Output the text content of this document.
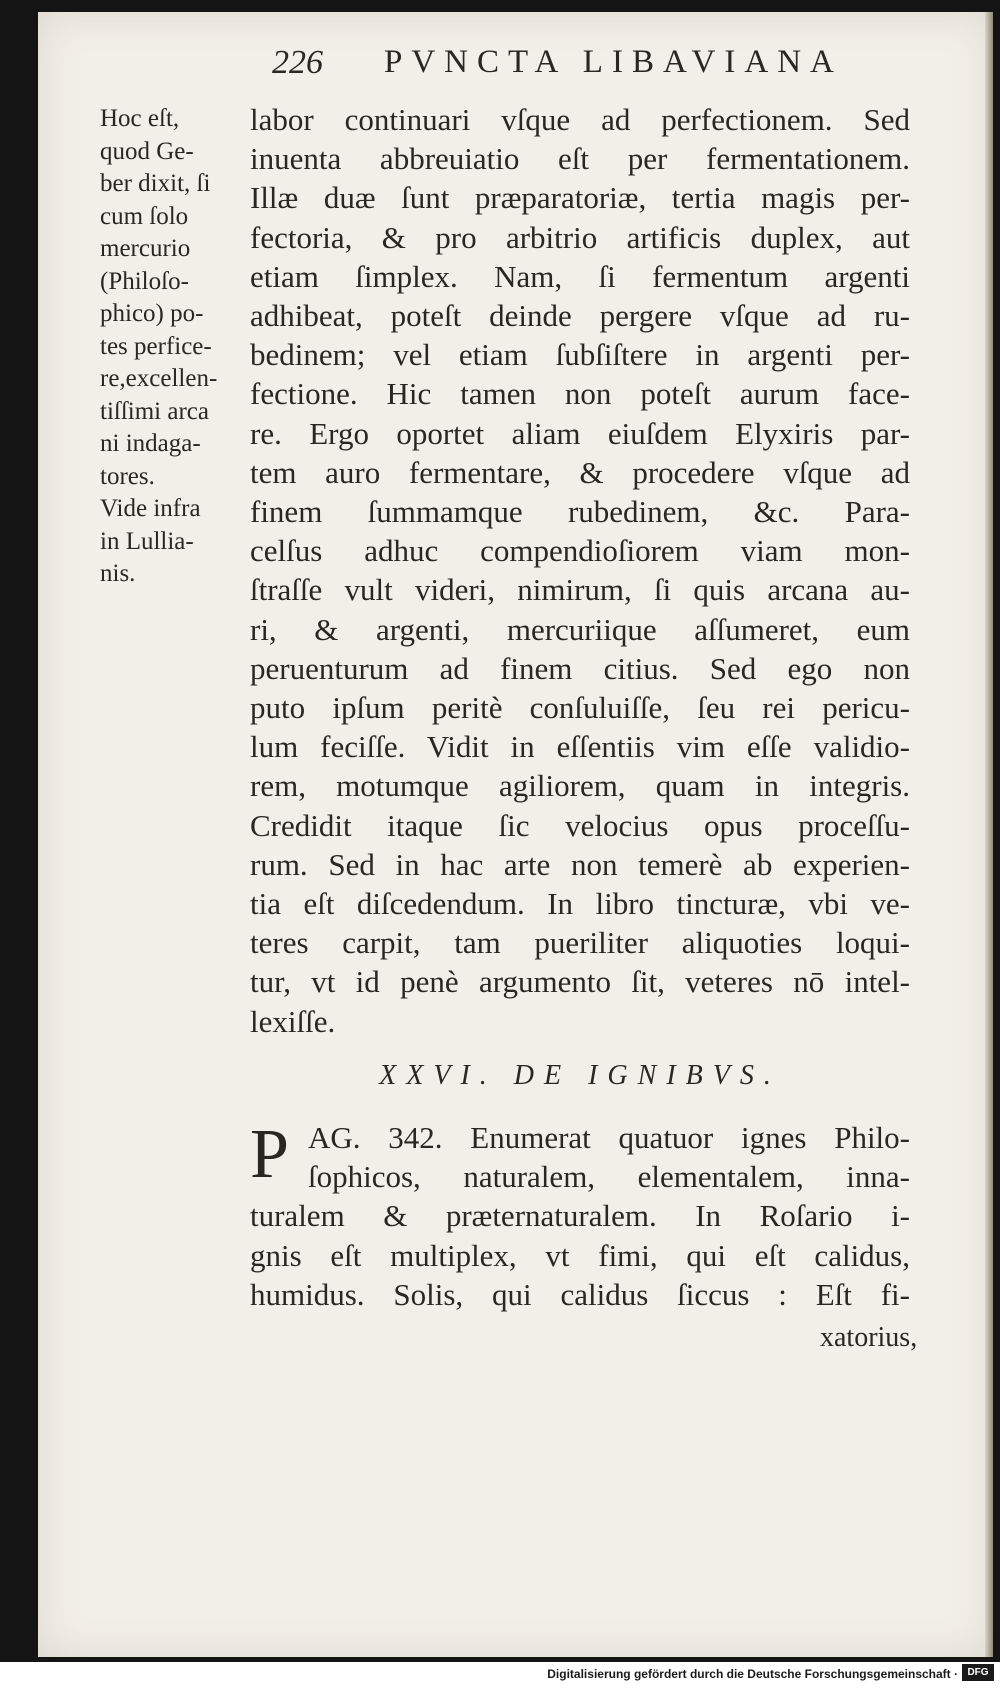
226 PVNCTA LIBAVIANA
Hoc eſt,
quod Ge-
ber dixit, ſi
cum ſolo
mercurio
(Philoſo-
phico) po-
tes perfice-
re,excellen-
tiſſimi arca
ni indaga-
tores.
Vide infra
in Lullia-
nis.
labor continuari vſque ad perfectionem. Sed
inuenta abbreuiatio eſt per fermentationem.
Illæ duæ ſunt præparatoriæ, tertia magis per-
fectoria, & pro arbitrio artificis duplex, aut
etiam ſimplex. Nam, ſi fermentum argenti
adhibeat, poteſt deinde pergere vſque ad ru-
bedinem; vel etiam ſubſiſtere in argenti per-
fectione. Hic tamen non poteſt aurum face-
re. Ergo oportet aliam eiuſdem Elyxiris par-
tem auro fermentare, & procedere vſque ad
finem ſummamque rubedinem, &c. Para-
celſus adhuc compendioſiorem viam mon-
ſtraſſe vult videri, nimirum, ſi quis arcana au-
ri, & argenti, mercuriique aſſumeret, eum
peruenturum ad finem citius. Sed ego non
puto ipſum peritè conſuluiſſe, ſeu rei pericu-
lum feciſſe. Vidit in eſſentiis vim eſſe validio-
rem, motumque agiliorem, quam in integris.
Credidit itaque ſic velocius opus proceſſu-
rum. Sed in hac arte non temerè ab experien-
tia eſt diſcedendum. In libro tincturæ, vbi ve-
teres carpit, tam pueriliter aliquoties loqui-
tur, vt id penè argumento ſit, veteres nō intel-
lexiſſe.
XXVI. DE IGNIBVS.
P AG. 342. Enumerat quatuor ignes Philo-
ſophicos, naturalem, elementalem, inna-
turalem & præternaturalem. In Roſario i-
gnis eſt multiplex, vt fimi, qui eſt calidus,
humidus. Solis, qui calidus ſiccus : Eſt fi-
xatorius,
Digitalisierung gefördert durch die Deutsche Forschungsgemeinschaft · DFG
